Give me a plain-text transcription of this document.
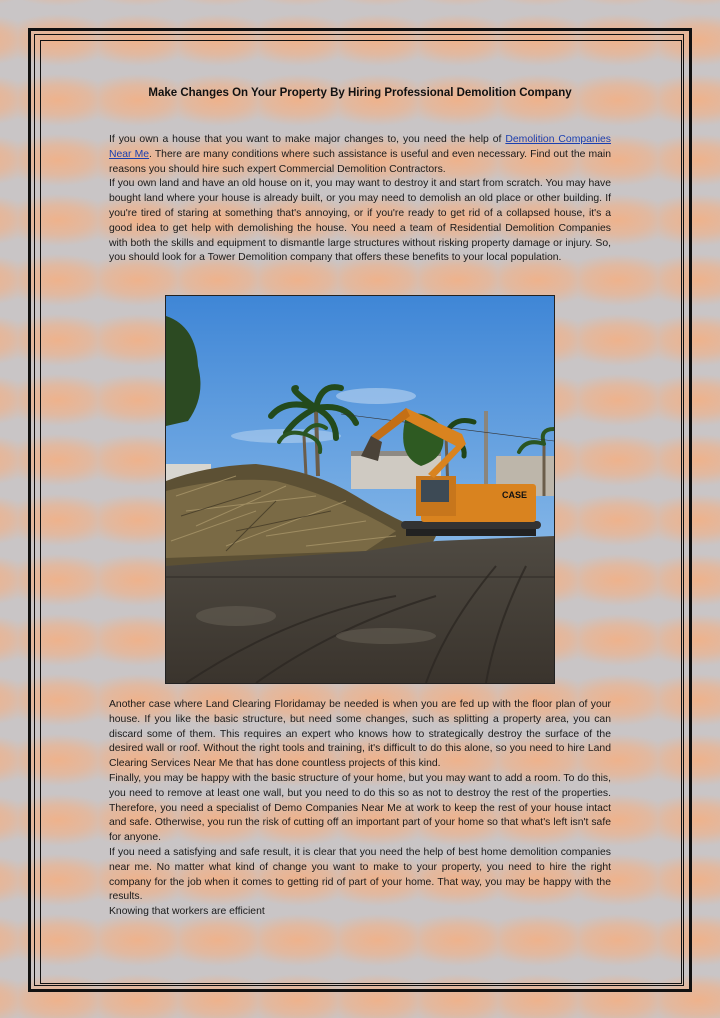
Make Changes On Your Property By Hiring Professional Demolition Company

If you own a house that you want to make major changes to, you need the help of Demolition Companies Near Me. There are many conditions where such assistance is useful and even necessary. Find out the main reasons you should hire such expert Commercial Demolition Contractors.

If you own land and have an old house on it, you may want to destroy it and start from scratch. You may have bought land where your house is already built, or you may need to demolish an old place or other building. If you're tired of staring at something that's annoying, or if you're ready to get rid of a collapsed house, it's a good idea to get help with demolishing the house. You need a team of Residential Demolition Companies with both the skills and equipment to dismantle large structures without risking property damage or injury. So, you should look for a Tower Demolition company that offers these benefits to your local population.

Another case where Land Clearing Floridamay be needed is when you are fed up with the floor plan of your house. If you like the basic structure, but need some changes, such as splitting a property area, you can discard some of them. This requires an expert who knows how to strategically destroy the surface of the desired wall or roof. Without the right tools and training, it's difficult to do this alone, so you need to hire Land Clearing Services Near Me that has done countless projects of this kind.

Finally, you may be happy with the basic structure of your home, but you may want to add a room. To do this, you need to remove at least one wall, but you need to do this so as not to destroy the rest of the properties. Therefore, you need a specialist of Demo Companies Near Me at work to keep the rest of your house intact and safe. Otherwise, you run the risk of cutting off an important part of your home so that what's left isn't safe for anyone.

If you need a satisfying and safe result, it is clear that you need the help of best home demolition companies near me. No matter what kind of change you want to make to your property, you need to hire the right company for the job when it comes to getting rid of part of your home. That way, you may be happy with the results.

Knowing that workers are efficient

CASE
